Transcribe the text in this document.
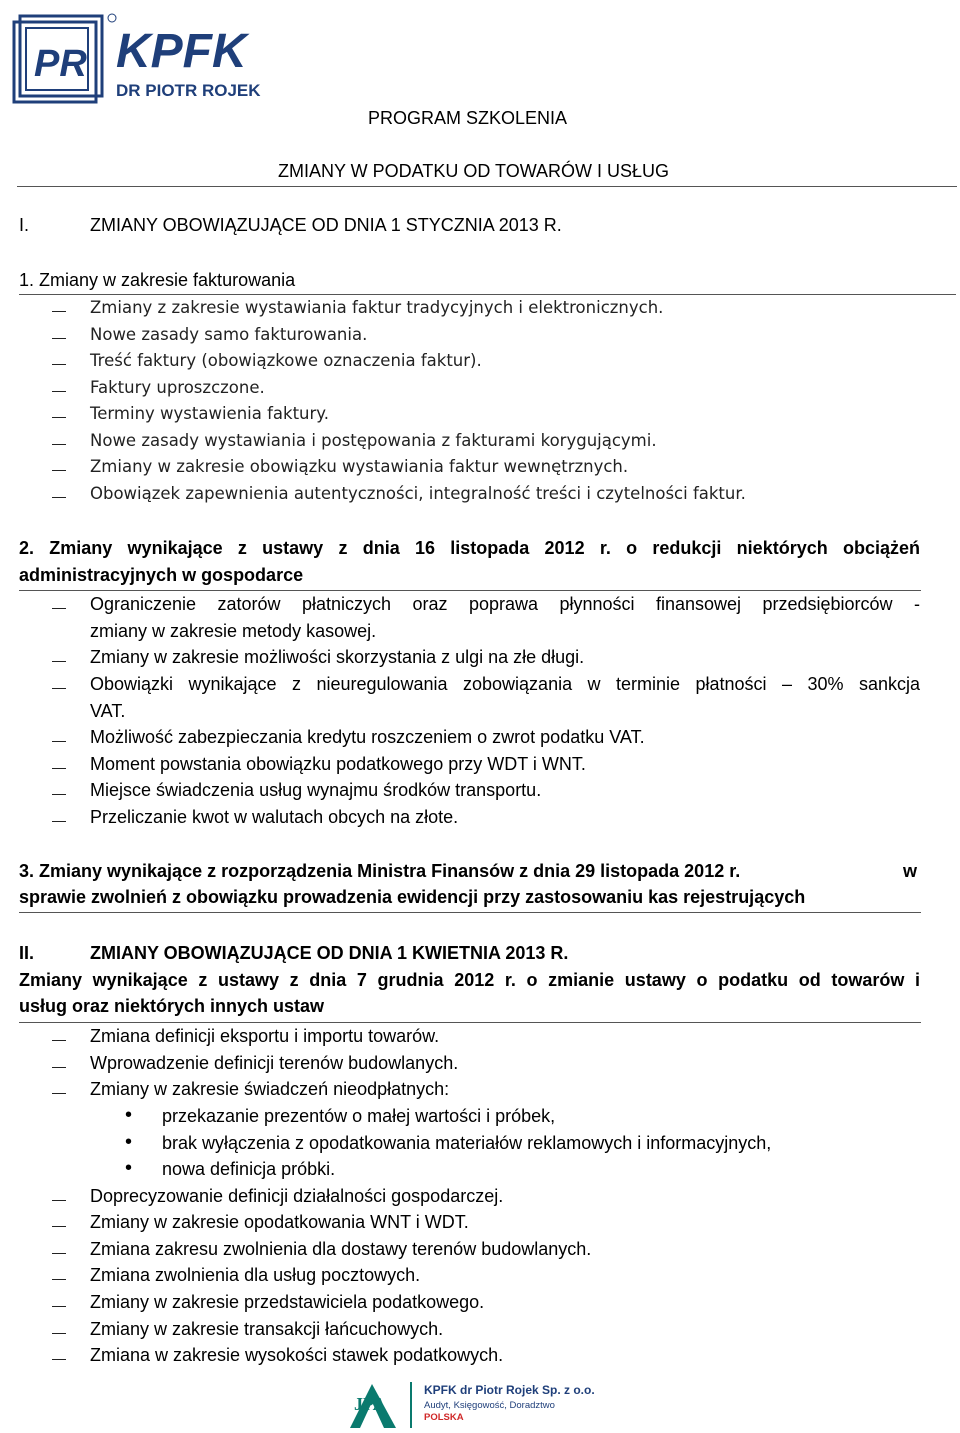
PR KPFK
DR PIOTR ROJEK
PROGRAM SZKOLENIA
ZMIANY W PODATKU OD TOWARÓW I USŁUG
I.	ZMIANY OBOWIĄZUJĄCE OD DNIA 1 STYCZNIA 2013 R.
1. Zmiany w zakresie fakturowania
Zmiany z zakresie wystawiania faktur tradycyjnych i elektronicznych.
Nowe zasady samo fakturowania.
Treść faktury (obowiązkowe oznaczenia faktur).
Faktury uproszczone.
Terminy wystawienia faktury.
Nowe zasady wystawiania i postępowania z fakturami korygującymi.
Zmiany w zakresie obowiązku wystawiania faktur wewnętrznych.
Obowiązek zapewnienia autentyczności, integralność treści i czytelności faktur.
2. Zmiany wynikające z ustawy z dnia 16 listopada 2012 r. o redukcji niektórych obciążeń
administracyjnych w gospodarce
Ograniczenie zatorów płatniczych oraz poprawa płynności finansowej przedsiębiorców -
zmiany w zakresie metody kasowej.
Zmiany w zakresie możliwości skorzystania z ulgi na złe długi.
Obowiązki wynikające z nieuregulowania zobowiązania w terminie płatności – 30% sankcja
VAT.
Możliwość zabezpieczania kredytu roszczeniem o zwrot podatku VAT.
Moment powstania obowiązku podatkowego przy WDT i WNT.
Miejsce świadczenia usług wynajmu środków transportu.
Przeliczanie kwot w walutach obcych na złote.
3. Zmiany wynikające z rozporządzenia Ministra Finansów z dnia 29 listopada 2012 r.	w
sprawie zwolnień z obowiązku prowadzenia ewidencji przy zastosowaniu kas rejestrujących
II.	ZMIANY OBOWIĄZUJĄCE OD DNIA 1 KWIETNIA 2013 R.
Zmiany wynikające z ustawy z dnia 7 grudnia 2012 r. o zmianie ustawy o podatku od towarów i
usług oraz niektórych innych ustaw
Zmiana definicji eksportu i importu towarów.
Wprowadzenie definicji terenów budowlanych.
Zmiany w zakresie świadczeń nieodpłatnych:
• przekazanie prezentów o małej wartości i próbek,
• brak wyłączenia z opodatkowania materiałów reklamowych i informacyjnych,
• nowa definicja próbki.
Doprecyzowanie definicji działalności gospodarczej.
Zmiany w zakresie opodatkowania WNT i WDT.
Zmiana zakresu zwolnienia dla dostawy terenów budowlanych.
Zmiana zwolnienia dla usług pocztowych.
Zmiany w zakresie przedstawiciela podatkowego.
Zmiany w zakresie transakcji łańcuchowych.
Zmiana w zakresie wysokości stawek podatkowych.
JPA
KPFK dr Piotr Rojek Sp. z o.o.
Audyt, Księgowość, Doradztwo
POLSKA
